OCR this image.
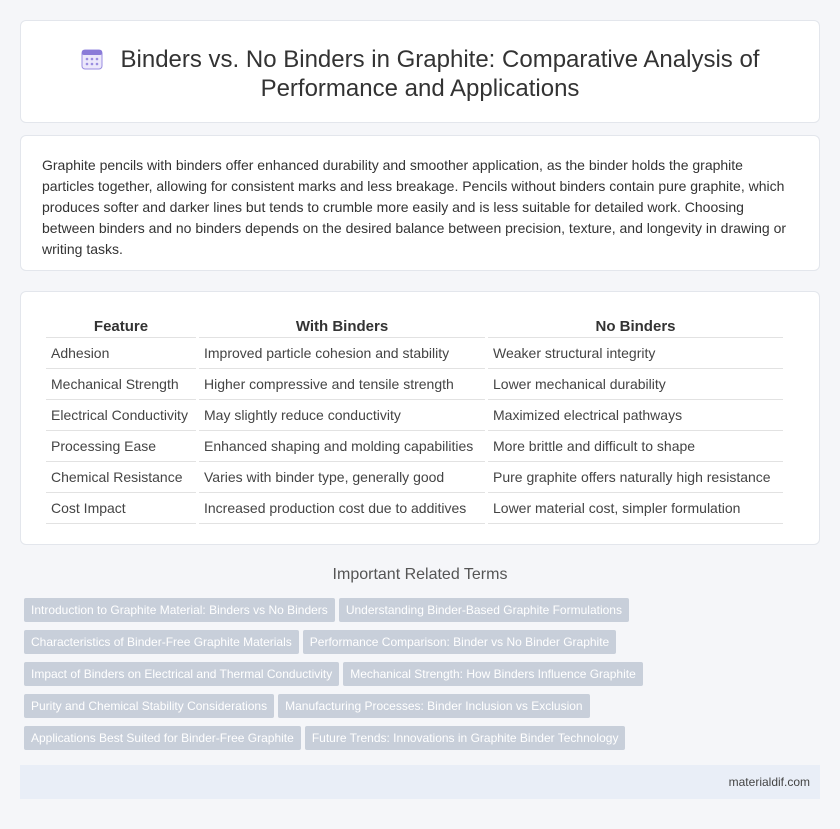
Binders vs. No Binders in Graphite: Comparative Analysis of
Performance and Applications

Graphite pencils with binders offer enhanced durability and smoother application, as the binder holds the graphite particles together, allowing for consistent marks and less breakage. Pencils without binders contain pure graphite, which produces softer and darker lines but tends to crumble more easily and is less suitable for detailed work. Choosing between binders and no binders depends on the desired balance between precision, texture, and longevity in drawing or writing tasks.

Feature	With Binders	No Binders
Adhesion	Improved particle cohesion and stability	Weaker structural integrity
Mechanical Strength	Higher compressive and tensile strength	Lower mechanical durability
Electrical Conductivity	May slightly reduce conductivity	Maximized electrical pathways
Processing Ease	Enhanced shaping and molding capabilities	More brittle and difficult to shape
Chemical Resistance	Varies with binder type, generally good	Pure graphite offers naturally high resistance
Cost Impact	Increased production cost due to additives	Lower material cost, simpler formulation
Important Related Terms
Introduction to Graphite Material: Binders vs No Binders Understanding Binder-Based Graphite Formulations
Characteristics of Binder-Free Graphite Materials Performance Comparison: Binder vs No Binder Graphite
Impact of Binders on Electrical and Thermal Conductivity Mechanical Strength: How Binders Influence Graphite
Purity and Chemical Stability Considerations Manufacturing Processes: Binder Inclusion vs Exclusion
Applications Best Suited for Binder-Free Graphite Future Trends: Innovations in Graphite Binder Technology
materialdif.com
